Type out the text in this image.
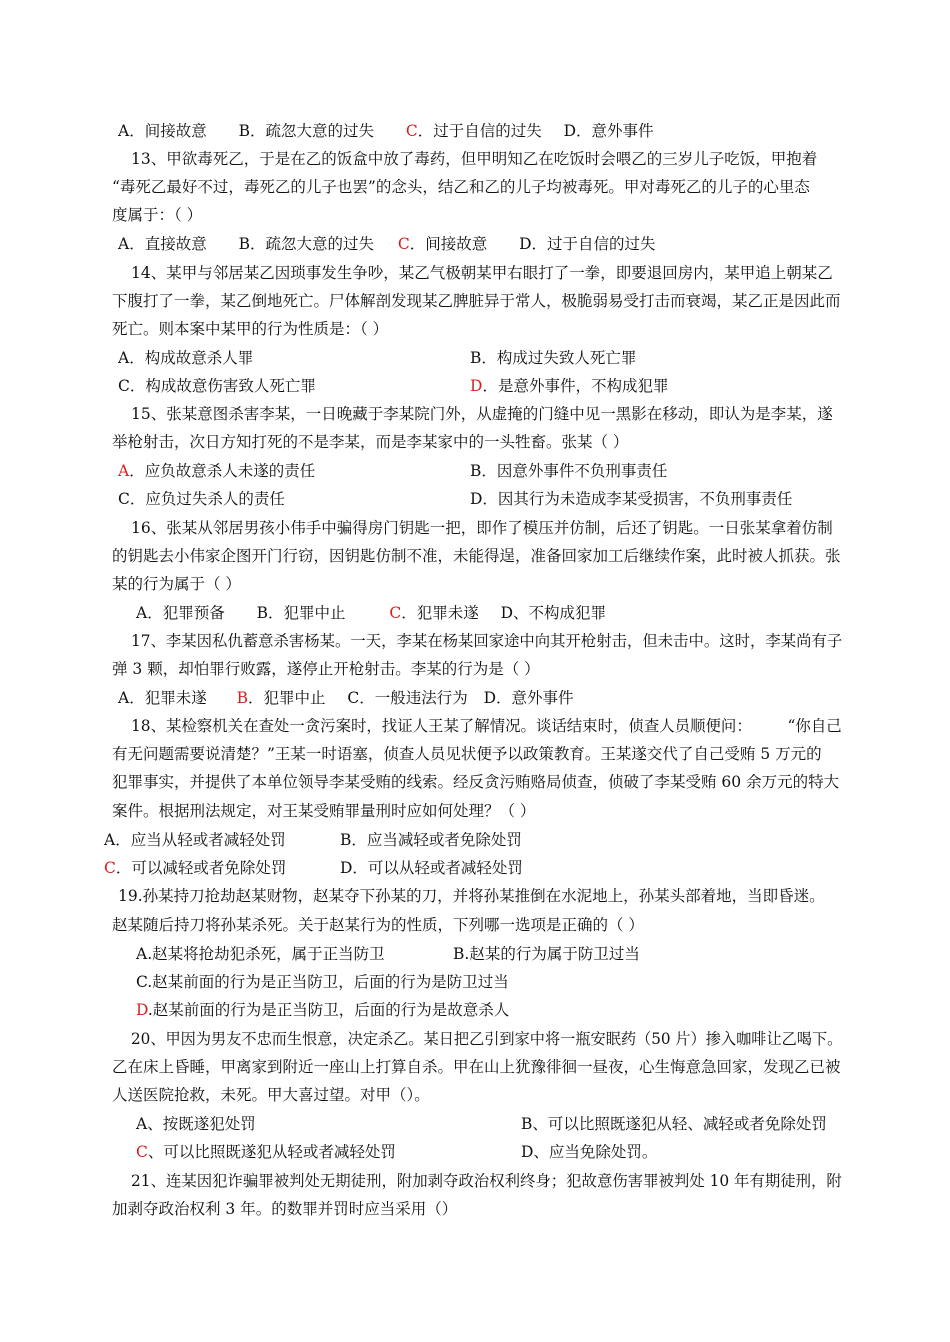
A．间接故意 B．疏忽大意的过失 C．过于自信的过失 D．意外事件
13、甲欲毒死乙，于是在乙的饭盒中放了毒药，但甲明知乙在吃饭时会喂乙的三岁儿子吃饭，甲抱着
“毒死乙最好不过，毒死乙的儿子也罢”的念头，结乙和乙的儿子均被毒死。甲对毒死乙的儿子的心里态
度属于：（ ）
A．直接故意 B．疏忽大意的过失 C．间接故意 D．过于自信的过失
14、某甲与邻居某乙因琐事发生争吵，某乙气极朝某甲右眼打了一拳，即要退回房内，某甲追上朝某乙
下腹打了一拳，某乙倒地死亡。尸体解剖发现某乙脾脏异于常人，极脆弱易受打击而衰竭，某乙正是因此而
死亡。则本案中某甲的行为性质是：（ ）
A．构成故意杀人罪	B．构成过失致人死亡罪
C．构成故意伤害致人死亡罪	D．是意外事件，不构成犯罪
15、张某意图杀害李某，一日晚藏于李某院门外，从虚掩的门缝中见一黑影在移动，即认为是李某，遂
举枪射击，次日方知打死的不是李某，而是李某家中的一头牲畜。张某（ ）
A．应负故意杀人未遂的责任	B．因意外事件不负刑事责任
C．应负过失杀人的责任	D．因其行为未造成李某受损害，不负刑事责任
16、张某从邻居男孩小伟手中骗得房门钥匙一把，即作了模压并仿制，后还了钥匙。一日张某拿着仿制
的钥匙去小伟家企图开门行窃，因钥匙仿制不准，未能得逞，准备回家加工后继续作案，此时被人抓获。张
某的行为属于（ ）
A．犯罪预备 B．犯罪中止	C．犯罪未遂 D、不构成犯罪
17、李某因私仇蓄意杀害杨某。一天，李某在杨某回家途中向其开枪射击，但未击中。这时，李某尚有子
弹 3 颗，却怕罪行败露，遂停止开枪射击。李某的行为是（ ）
A．犯罪未遂 B．犯罪中止 C．一般违法行为 D．意外事件
18、某检察机关在查处一贪污案时，找证人王某了解情况。谈话结束时，侦查人员顺便问： “你自己
有无问题需要说清楚？”王某一时语塞，侦查人员见状便予以政策教育。王某遂交代了自己受贿 5 万元的
犯罪事实，并提供了本单位领导李某受贿的线索。经反贪污贿赂局侦查，侦破了李某受贿 60 余万元的特大
案件。根据刑法规定，对王某受贿罪量刑时应如何处理？（ ）
A．应当从轻或者减轻处罚	B．应当减轻或者免除处罚
C．可以减轻或者免除处罚	D．可以从轻或者减轻处罚
19.孙某持刀抢劫赵某财物，赵某夺下孙某的刀，并将孙某推倒在水泥地上，孙某头部着地，当即昏迷。
赵某随后持刀将孙某杀死。关于赵某行为的性质，下列哪一选项是正确的（ ）
A.赵某将抢劫犯杀死，属于正当防卫	B.赵某的行为属于防卫过当
C.赵某前面的行为是正当防卫，后面的行为是防卫过当
D.赵某前面的行为是正当防卫，后面的行为是故意杀人
20、甲因为男友不忠而生恨意，决定杀乙。某日把乙引到家中将一瓶安眠药（50 片）掺入咖啡让乙喝下。
乙在床上昏睡，甲离家到附近一座山上打算自杀。甲在山上犹豫徘徊一昼夜，心生悔意急回家，发现乙已被
人送医院抢救，未死。甲大喜过望。对甲（）。
A、按既遂犯处罚	B、可以比照既遂犯从轻、减轻或者免除处罚
C、可以比照既遂犯从轻或者减轻处罚	D、应当免除处罚。
21、连某因犯诈骗罪被判处无期徒刑，附加剥夺政治权利终身；犯故意伤害罪被判处 10 年有期徒刑，附
加剥夺政治权利 3 年。的数罪并罚时应当采用（）
